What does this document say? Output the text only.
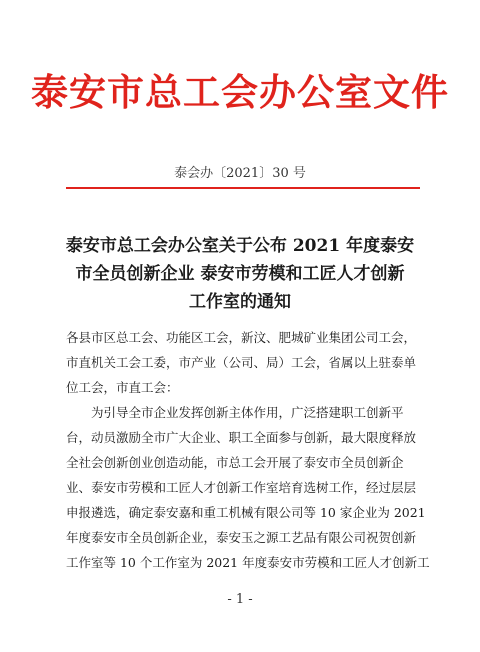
泰安市总工会办公室文件
泰会办〔2021〕30 号
泰安市总工会办公室关于公布 2021 年度泰安
市全员创新企业 泰安市劳模和工匠人才创新
工作室的通知
各县市区总工会、功能区工会，新汶、肥城矿业集团公司工会，
市直机关工会工委，市产业（公司、局）工会，省属以上驻泰单
位工会，市直工会：
为引导全市企业发挥创新主体作用，广泛搭建职工创新平
台，动员激励全市广大企业、职工全面参与创新，最大限度释放
全社会创新创业创造动能，市总工会开展了泰安市全员创新企
业、泰安市劳模和工匠人才创新工作室培育选树工作，经过层层
申报遴选，确定泰安嘉和重工机械有限公司等 10 家企业为 2021
年度泰安市全员创新企业，泰安玉之源工艺品有限公司祝贺创新
工作室等 10 个工作室为 2021 年度泰安市劳模和工匠人才创新工
- 1 -
